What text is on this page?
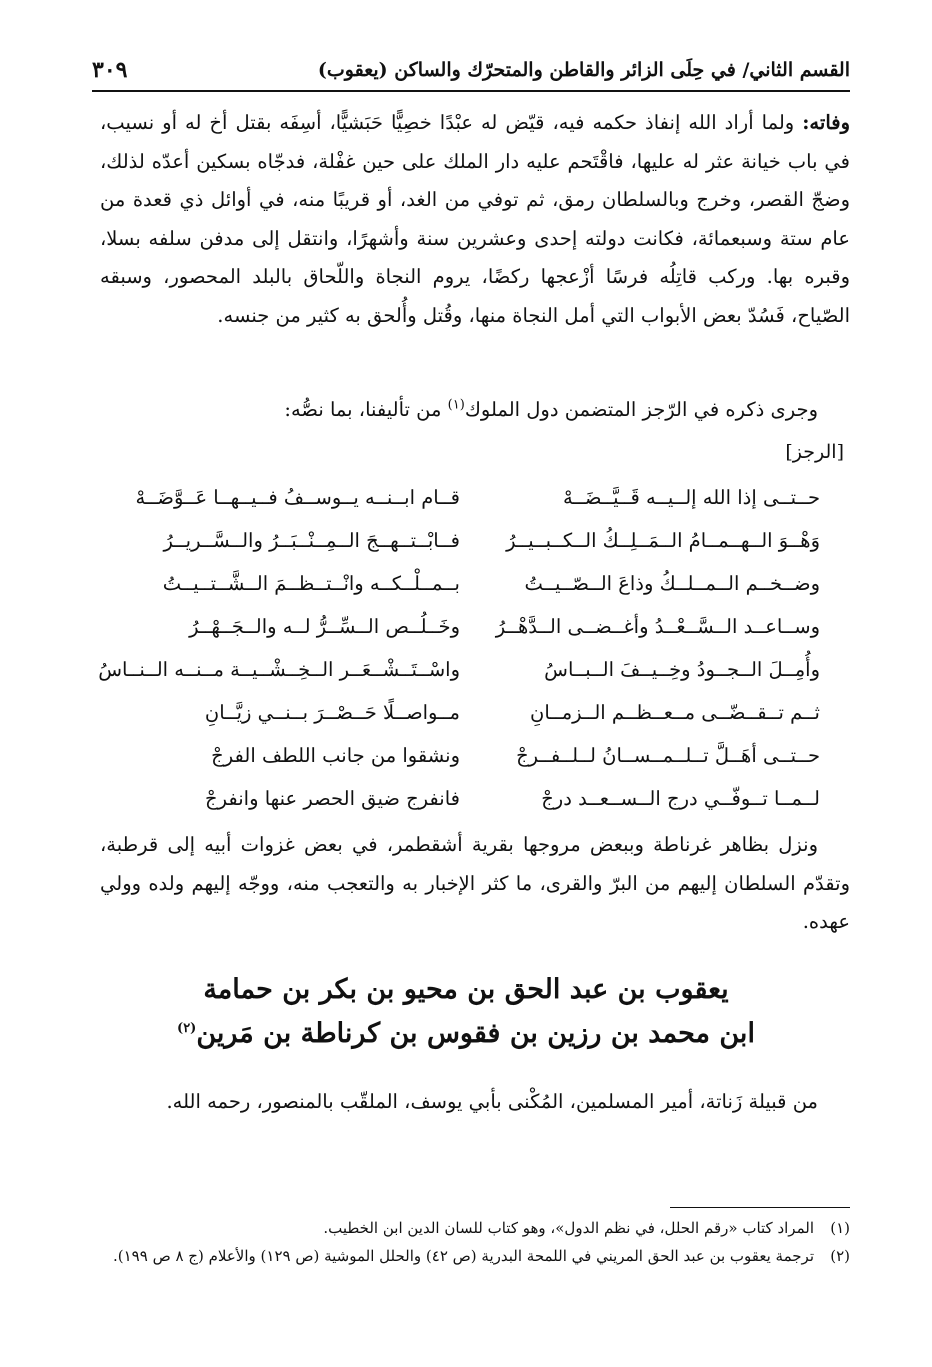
القسم الثاني/ في حِلَى الزائر والقاطن والمتحرّك والساكن (يعقوب)
٣٠٩

وفاته: ولما أراد الله إنفاذ حكمه فيه، قيّض له عبْدًا خصِيًّا حَبَشيًّا، أسِفَه بقتل أخ له أو نسيب، في باب خيانة عثر له عليها، فاقْتَحم عليه دار الملك على حين غفْلة، فدجّاه بسكين أعدّه لذلك، وضجّ القصر، وخرج وبالسلطان رمق، ثم توفي من الغد، أو قريبًا منه، في أوائل ذي قعدة من عام ستة وسبعمائة، فكانت دولته إحدى وعشرين سنة وأشهرًا، وانتقل إلى مدفن سلفه بسلا، وقبره بها. وركب قاتِلُه فرسًا أزْعجها ركضًا، يروم النجاة واللّحاق بالبلد المحصور، وسبقه الصّياح، فَسُدّ بعض الأبواب التي أمل النجاة منها، وقُتل وأُلحق به كثير من جنسه.

وجرى ذكره في الرّجز المتضمن دول الملوك$^{(١)}$ من تأليفنا، بما نصُّه:

[الرجز]
حــتــى إذا الله إلــيــه قَــيَّــضَــهْ
قــام ابــنــه يــوســفُ فــيــهــا عَــوَّضَــهْ
وَهْــوَ الــهــمــامُ الــمَــلِــكُ الــكــبــيــرُ
فــابْــتــهــجَ الــمِــنْــبَــرُ والــسَّــريــرُ
وضــخــم الــمــلــكُ وذاعَ الــصّــيــتُ
بــمــلْــكــه وانْــتــظــمَ الــشَّــتــيــتُ
وســاعــد الــسَّــعْــدُ وأغــضــى الــدَّهْــرُ
وخَــلُــص الــسِّــرُّ لــه والــجَــهْــرُ
وأُمِــلَ الــجــودُ وخِــيــفَ الــبــاسُ
واسْــتَــشْــعَــر الــخِــشْــيــة مــنــه الــنــاسُ
ثــم تــقــضّــى مــعــظــم الــزمــانِ
مــواصــلًا حَــصْــرَ بــنــي زيَّــانِ
حــتــى أهَــلَّ تــلــمــســانُ لــلــفــرجْ
ونشقوا من جانب اللطف الفرجْ
لــمــا تــوفّــي درج الــســعــد درجْ
فانفرج ضيق الحصر عنها وانفرجْ

ونزل بظاهر غرناطة وببعض مروجها بقرية أشقطمر، في بعض غزوات أبيه إلى قرطبة، وتقدّم السلطان إليهم من البرّ والقرى، ما كثر الإخبار به والتعجب منه، ووجّه إليهم ولده وولي عهده.

يعقوب بن عبد الحق بن محيو بن بكر بن حمامة
ابن محمد بن رزين بن فقوس بن كرناطة بن مَرين$^{(٢)}$

من قبيلة زَناتة، أمير المسلمين، المُكْنى بأبي يوسف، الملقّب بالمنصور، رحمه الله.

(١)
المراد كتاب «رقم الحلل، في نظم الدول»، وهو كتاب للسان الدين ابن الخطيب.
(٢)
ترجمة يعقوب بن عبد الحق المريني في اللمحة البدرية (ص ٤٢) والحلل الموشية (ص ١٢٩) والأعلام (ج ٨ ص ١٩٩).
